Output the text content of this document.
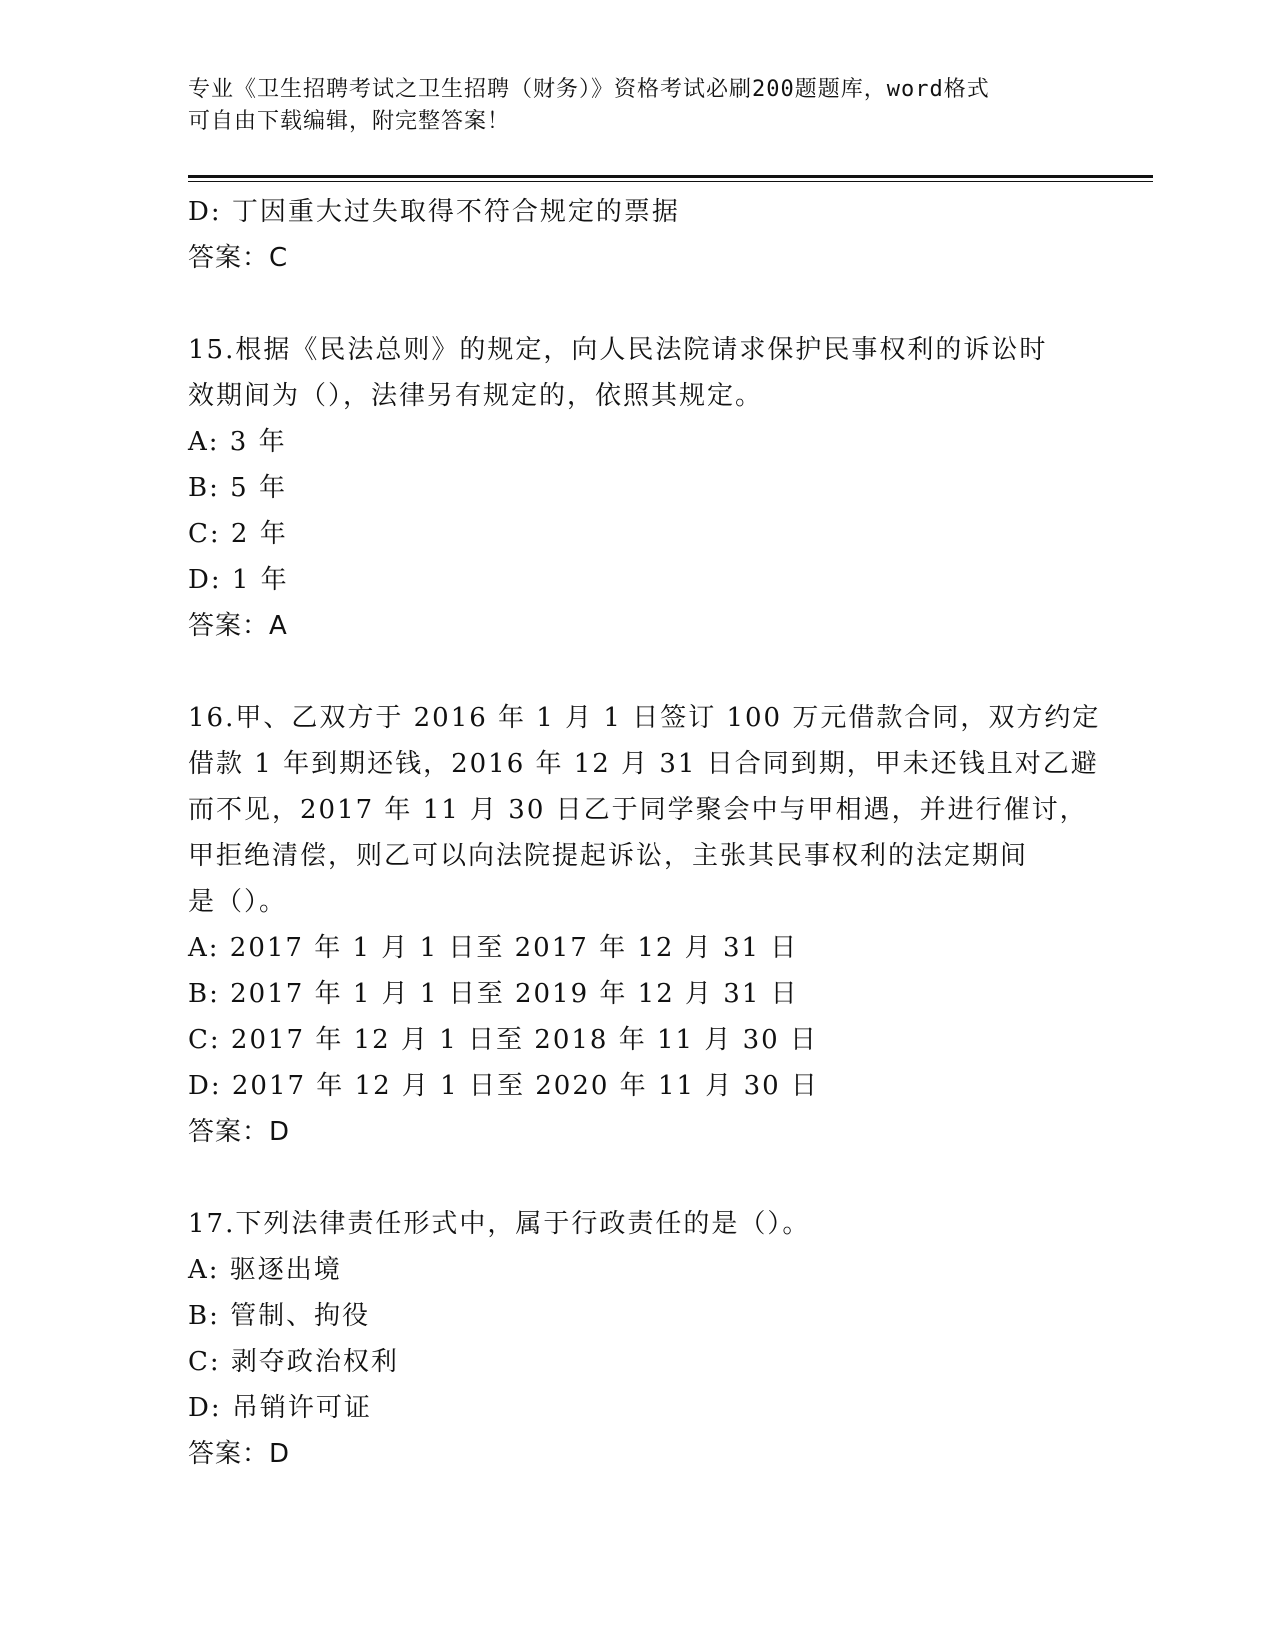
专业《卫生招聘考试之卫生招聘（财务）》资格考试必刷200题题库，word格式
可自由下载编辑，附完整答案！
D: 丁因重大过失取得不符合规定的票据
答案：C
15.根据《民法总则》的规定，向人民法院请求保护民事权利的诉讼时
效期间为（），法律另有规定的，依照其规定。
A: 3 年
B: 5 年
C: 2 年
D: 1 年
答案：A
16.甲、乙双方于 2016 年 1 月 1 日签订 100 万元借款合同，双方约定
借款 1 年到期还钱，2016 年 12 月 31 日合同到期，甲未还钱且对乙避
而不见，2017 年 11 月 30 日乙于同学聚会中与甲相遇，并进行催讨，
甲拒绝清偿，则乙可以向法院提起诉讼，主张其民事权利的法定期间
是（）。
A: 2017 年 1 月 1 日至 2017 年 12 月 31 日
B: 2017 年 1 月 1 日至 2019 年 12 月 31 日
C: 2017 年 12 月 1 日至 2018 年 11 月 30 日
D: 2017 年 12 月 1 日至 2020 年 11 月 30 日
答案：D
17.下列法律责任形式中，属于行政责任的是（）。
A: 驱逐出境
B: 管制、拘役
C: 剥夺政治权利
D: 吊销许可证
答案：D
